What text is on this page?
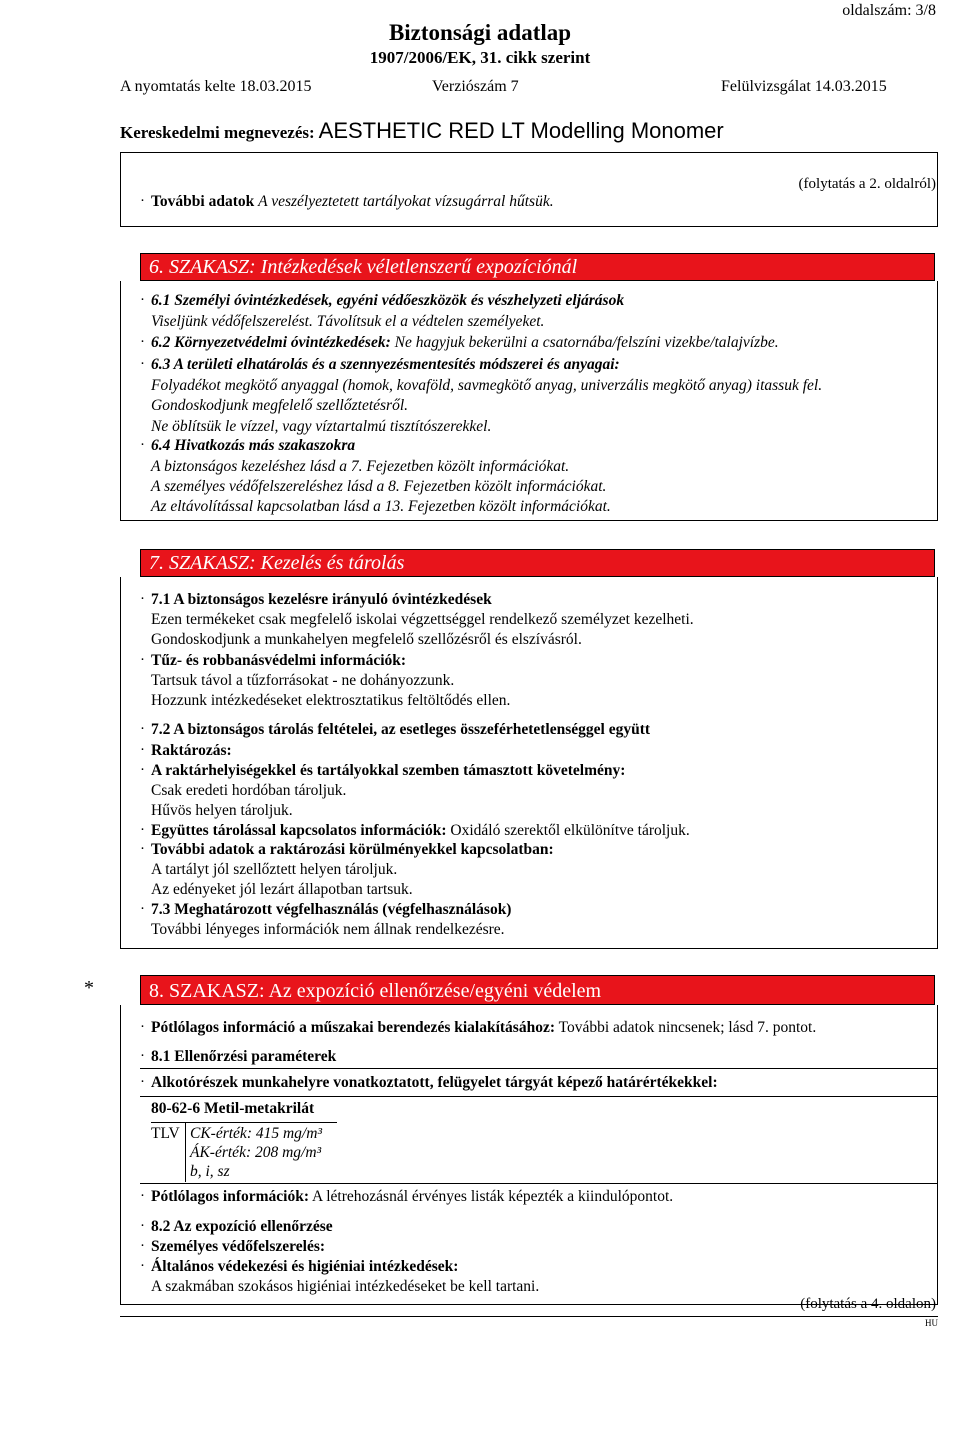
Biztonsági adatlap
1907/2006/EK, 31. cikk szerint
oldalszám: 3/8
A nyomtatás kelte 18.03.2015	Verziószám 7	Felülvizsgálat 14.03.2015
Kereskedelmi megnevezés: AESTHETIC RED LT Modelling Monomer
(folytatás a 2. oldalról)
· További adatok A veszélyeztetett tartályokat vízsugárral hűtsük.
6. SZAKASZ: Intézkedések véletlenszerű expozíciónál
· 6.1 Személyi óvintézkedések, egyéni védőeszközök és vészhelyzeti eljárások
Viseljünk védőfelszerelést. Távolítsuk el a védtelen személyeket.
· 6.2 Környezetvédelmi óvintézkedések: Ne hagyjuk bekerülni a csatornába/felszíni vizekbe/talajvízbe.
· 6.3 A területi elhatárolás és a szennyezésmentesítés módszerei és anyagai:
Folyadékot megkötő anyaggal (homok, kovaföld, savmegkötő anyag, univerzális megkötő anyag) itassuk fel.
Gondoskodjunk megfelelő szellőztetésről.
Ne öblítsük le vízzel, vagy víztartalmú tisztítószerekkel.
· 6.4 Hivatkozás más szakaszokra
A biztonságos kezeléshez lásd a 7. Fejezetben közölt információkat.
A személyes védőfelszereléshez lásd a 8. Fejezetben közölt információkat.
Az eltávolítással kapcsolatban lásd a 13. Fejezetben közölt információkat.
7. SZAKASZ: Kezelés és tárolás
· 7.1 A biztonságos kezelésre irányuló óvintézkedések
Ezen termékeket csak megfelelő iskolai végzettséggel rendelkező személyzet kezelheti.
Gondoskodjunk a munkahelyen megfelelő szellőzésről és elszívásról.
· Tűz- és robbanásvédelmi információk:
Tartsuk távol a tűzforrásokat - ne dohányozzunk.
Hozzunk intézkedéseket elektrosztatikus feltöltődés ellen.
· 7.2 A biztonságos tárolás feltételei, az esetleges összeférhetetlenséggel együtt
· Raktározás:
· A raktárhelyiségekkel és tartályokkal szemben támasztott követelmény:
Csak eredeti hordóban tároljuk.
Hűvös helyen tároljuk.
· Együttes tárolással kapcsolatos információk: Oxidáló szerektől elkülönítve tároljuk.
· További adatok a raktározási körülményekkel kapcsolatban:
A tartályt jól szellőztett helyen tároljuk.
Az edényeket jól lezárt állapotban tartsuk.
· 7.3 Meghatározott végfelhasználás (végfelhasználások)
További lényeges információk nem állnak rendelkezésre.
*	8. SZAKASZ: Az expozíció ellenőrzése/egyéni védelem
· Pótlólagos információ a műszakai berendezés kialakításához: További adatok nincsenek; lásd 7. pontot.
· 8.1 Ellenőrzési paraméterek
· Alkotórészek munkahelyre vonatkoztatott, felügyelet tárgyát képező határértékekkel:
80-62-6 Metil-metakrilát
TLV CK-érték: 415 mg/m³
ÁK-érték: 208 mg/m³
b, i, sz
· Pótlólagos információk: A létrehozásnál érvényes listák képezték a kiindulópontot.
· 8.2 Az expozíció ellenőrzése
· Személyes védőfelszerelés:
· Általános védekezési és higiéniai intézkedések:
A szakmában szokásos higiéniai intézkedéseket be kell tartani.
(folytatás a 4. oldalon)
HU
